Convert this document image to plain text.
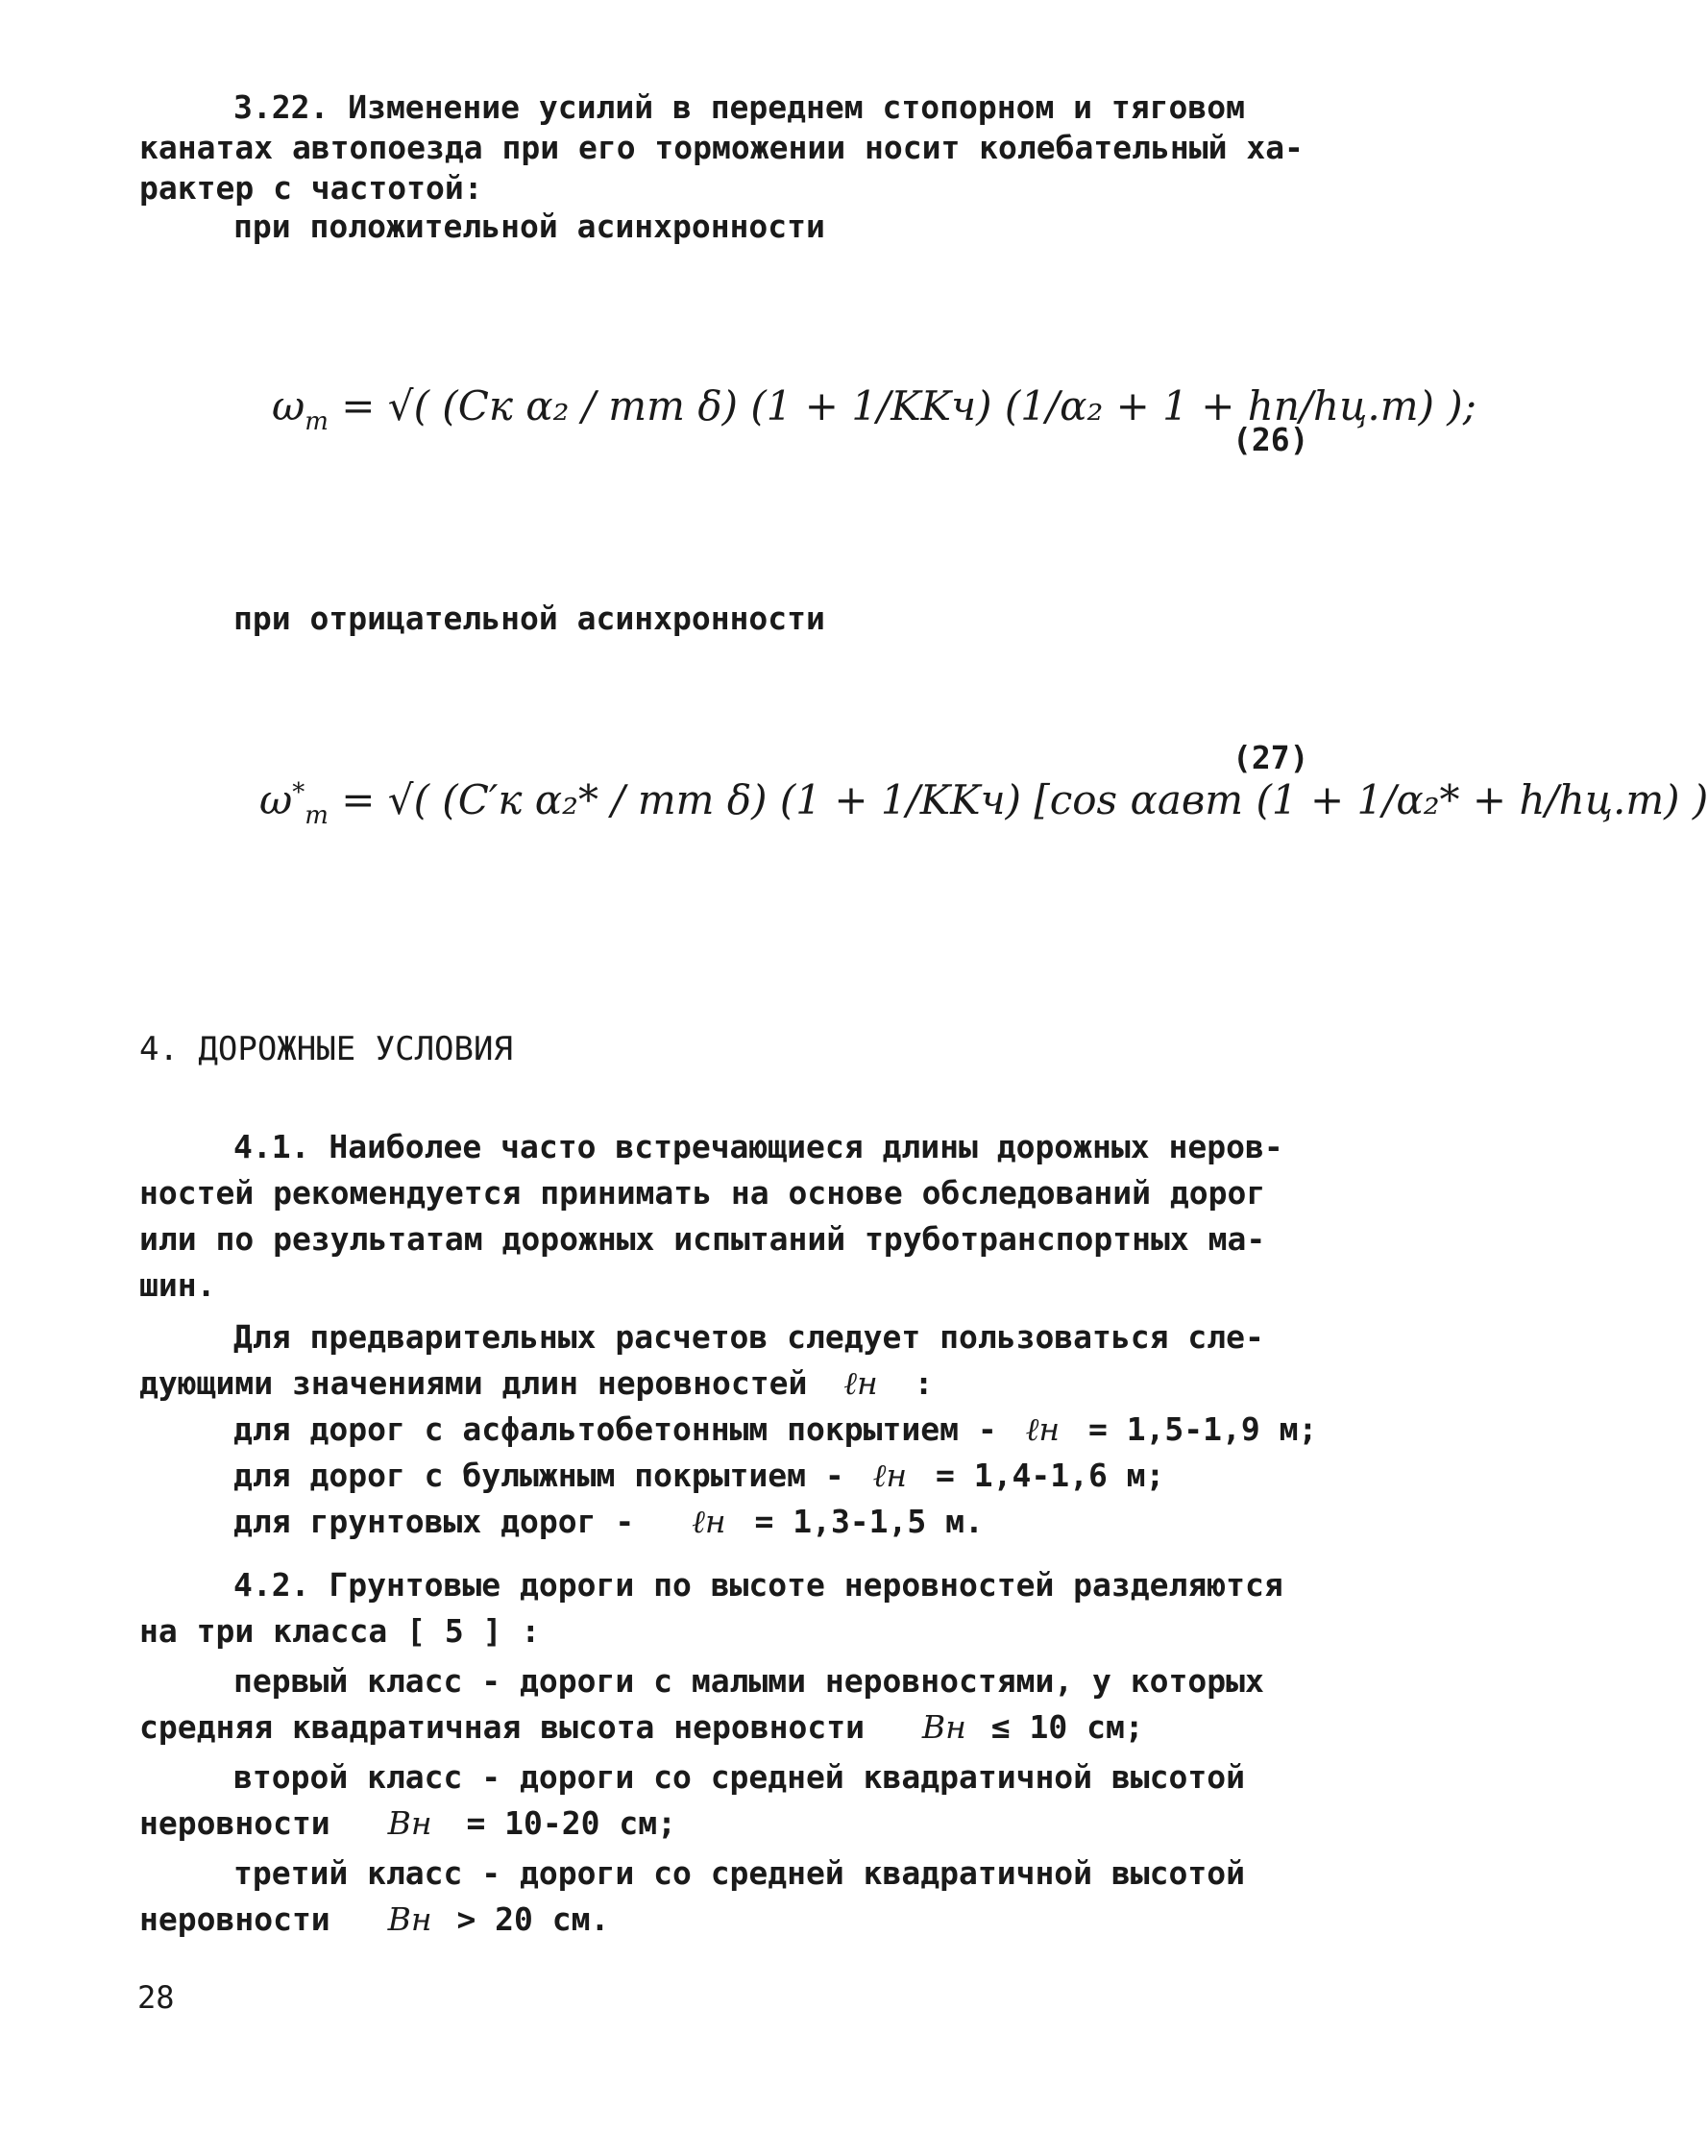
3.22. Изменение усилий в переднем стопорном и тяговом
канатах автопоезда при его торможении носит колебательный ха-
рактер с частотой:
при положительной асинхронности
$\omega_т$ = √( (Cк α₂ / mт δ) (1 + 1/KKч) (1/α₂ + 1 + hп/hц.т) );
(26)
при отрицательной асинхронности
$\omega^*_т$ = √( (C′к α₂* / mт δ) (1 + 1/KKч) [cos αавт (1 + 1/α₂* + h/hц.т) )
(27)
4. ДОРОЖНЫЕ УСЛОВИЯ
4.1. Наиболее часто встречающиеся длины дорожных неров-
ностей рекомендуется принимать на основе обследований дорог
или по результатам дорожных испытаний труботранспортных ма-
шин.
Для предварительных расчетов следует пользоваться сле-
дующими значениями длин неровностей ℓн :
для дорог с асфальтобетонным покрытием - ℓн = 1,5-1,9 м;
для дорог с булыжным покрытием - ℓн = 1,4-1,6 м;
для грунтовых дорог - ℓн = 1,3-1,5 м.
4.2. Грунтовые дороги по высоте неровностей разделяются
на три класса [ 5 ] :
первый класс - дороги с малыми неровностями, у которых
средняя квадратичная высота неровности Bн ≤ 10 см;
второй класс - дороги со средней квадратичной высотой
неровности Bн = 10-20 см;
третий класс - дороги со средней квадратичной высотой
неровности Bн > 20 см.
28
